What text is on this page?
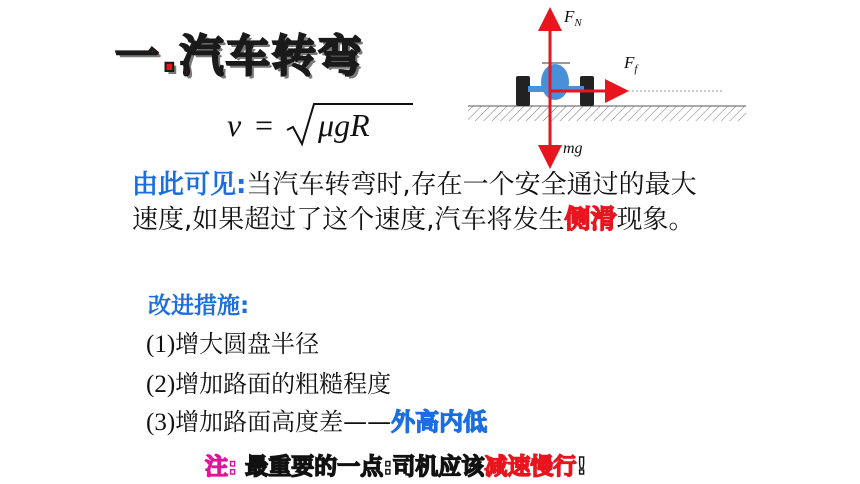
一.汽车转弯
v = μgR
$F_N$
$F_f$
mg
由此可见:当汽车转弯时,存在一个安全通过的最大速度,如果超过了这个速度,汽车将发生侧滑现象。
改进措施:
(1)增大圆盘半径
(2)增加路面的粗糙程度
(3)增加路面高度差——外高内低
注: 最重要的一点:司机应该减速慢行!
